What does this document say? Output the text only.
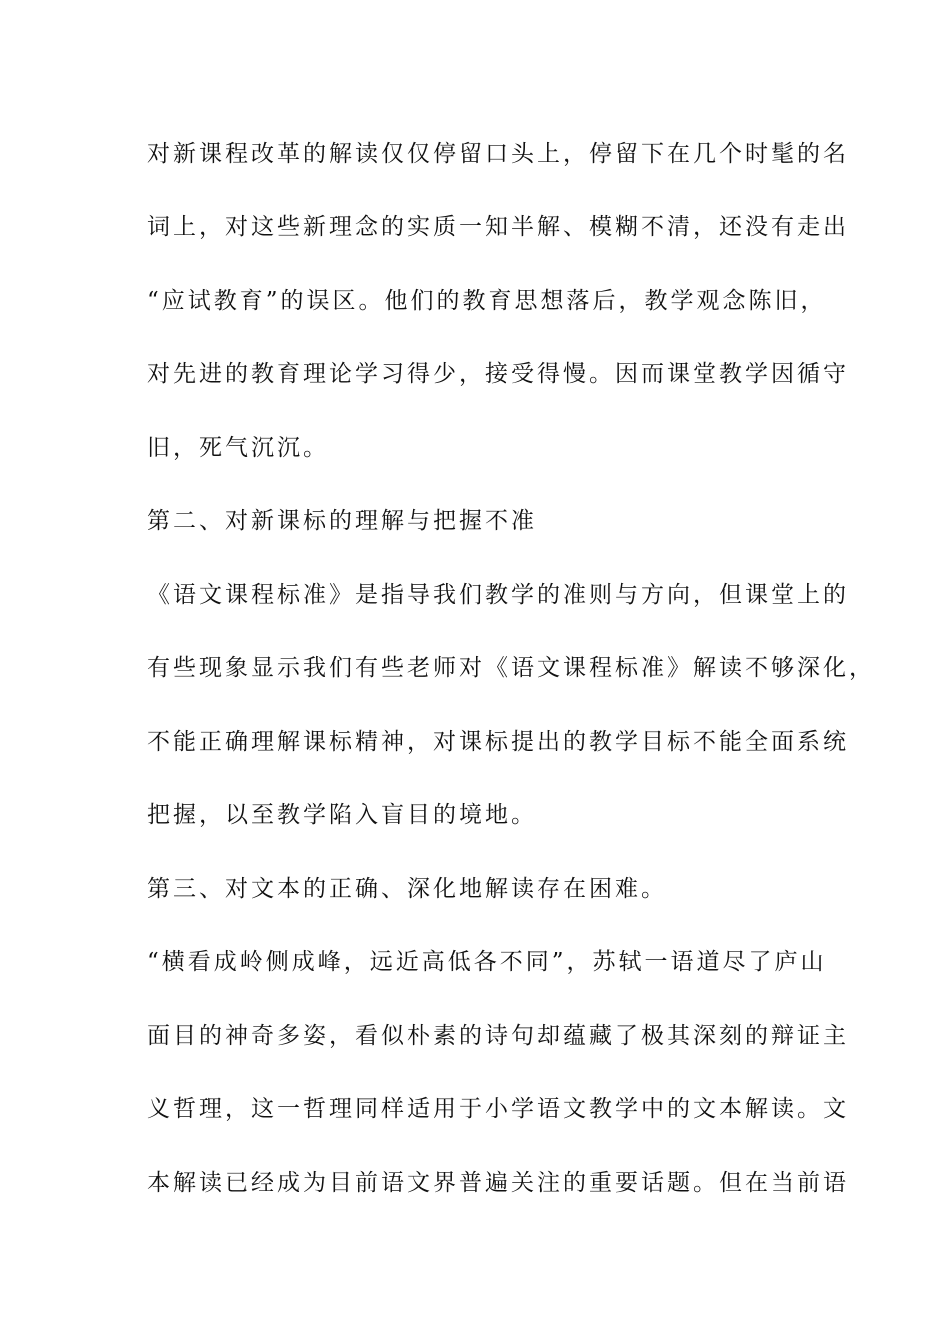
对新课程改革的解读仅仅停留口头上，停留下在几个时髦的名
词上，对这些新理念的实质一知半解、模糊不清，还没有走出
“应试教育”的误区。他们的教育思想落后，教学观念陈旧，
对先进的教育理论学习得少，接受得慢。因而课堂教学因循守
旧，死气沉沉。
第二、对新课标的理解与把握不准
《语文课程标准》是指导我们教学的准则与方向，但课堂上的
有些现象显示我们有些老师对《语文课程标准》解读不够深化，
不能正确理解课标精神，对课标提出的教学目标不能全面系统
把握，以至教学陷入盲目的境地。
第三、对文本的正确、深化地解读存在困难。
“横看成岭侧成峰，远近高低各不同”，苏轼一语道尽了庐山
面目的神奇多姿，看似朴素的诗句却蕴藏了极其深刻的辩证主
义哲理，这一哲理同样适用于小学语文教学中的文本解读。文
本解读已经成为目前语文界普遍关注的重要话题。但在当前语
